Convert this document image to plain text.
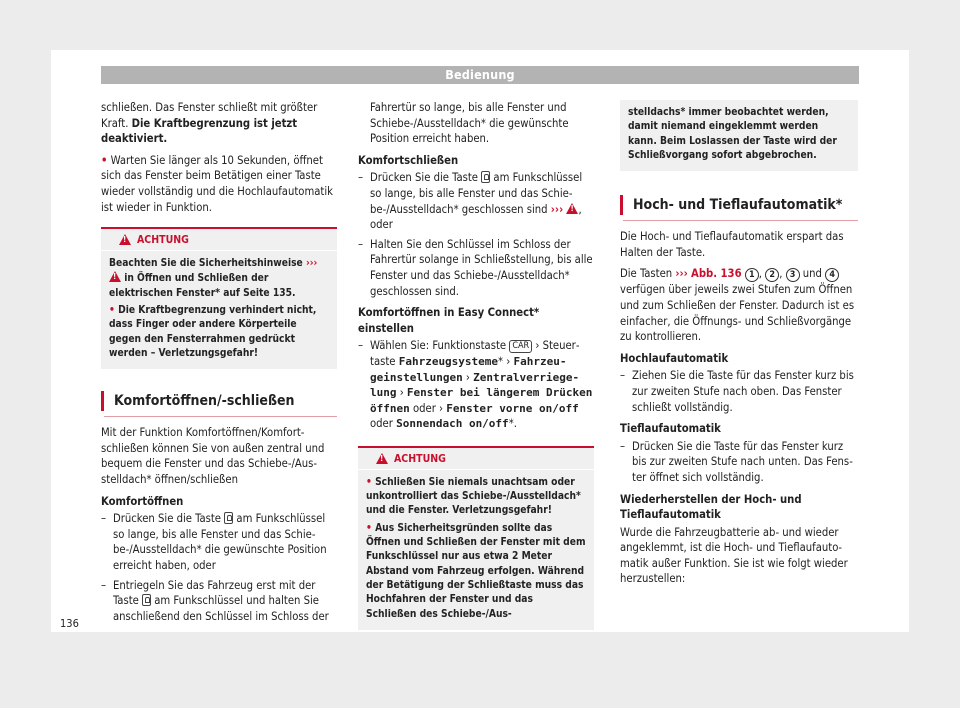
Bedienung

schließen. Das Fenster schließt mit größter Kraft. Die Kraftbegrenzung ist jetzt deaktiviert.

• Warten Sie länger als 10 Sekunden, öffnet sich das Fenster beim Betätigen einer Taste wieder vollständig und die Hochlaufautomatik ist wieder in Funktion.

!
ACHTUNG
Beachten Sie die Sicherheitshinweise ››› ! in Öffnen und Schließen der elektrischen Fenster* auf Seite 135.
• Die Kraftbegrenzung verhindert nicht, dass Finger oder andere Körperteile gegen den Fensterrahmen gedrückt werden – Verletzungsgefahr!
Komfortöffnen/-schließen

Mit der Funktion Komfortöffnen/Komfortschließen können Sie von außen zentral und bequem die Fenster und das Schiebe-/Ausstelldach* öffnen/schließen

Komfortöffnen
– Drücken Sie die Taste am Funkschlüssel so lange, bis alle Fenster und das Schiebe-/Ausstelldach* die gewünschte Position erreicht haben, oder
– Entriegeln Sie das Fahrzeug erst mit der Taste am Funkschlüssel und halten Sie anschließend den Schlüssel im Schloss der
Fahrertür so lange, bis alle Fenster und Schiebe-/Ausstelldach* die gewünschte Position erreicht haben.
Komfortschließen
– Drücken Sie die Taste am Funkschlüssel so lange, bis alle Fenster und das Schiebe-/Ausstelldach* geschlossen sind ››› ! , oder
– Halten Sie den Schlüssel im Schloss der Fahrertür solange in Schließstellung, bis alle Fenster und das Schiebe-/Ausstelldach* geschlossen sind.
Komfortöffnen in Easy Connect* einstellen
– Wählen Sie: Funktionstaste CAR › Steuertaste Fahrzeugsysteme* › Fahrzeugeinstellungen › Zentralverriegelung › Fenster bei längerem Drücken öffnen oder › Fenster vorne on/off oder Sonnendach on/off*.
!
ACHTUNG
• Schließen Sie niemals unachtsam oder unkontrolliert das Schiebe-/Ausstelldach* und die Fenster. Verletzungsgefahr!
• Aus Sicherheitsgründen sollte das Öffnen und Schließen der Fenster mit dem Funkschlüssel nur aus etwa 2 Meter Abstand vom Fahrzeug erfolgen. Während der Betätigung der Schließtaste muss das Hochfahren der Fenster und das Schließen des Schiebe-/Aus-
stelldachs* immer beobachtet werden, damit niemand eingeklemmt werden kann. Beim Loslassen der Taste wird der Schließvorgang sofort abgebrochen.
Hoch- und Tieflaufautomatik*

Die Hoch- und Tieflaufautomatik erspart das Halten der Taste.

Die Tasten ››› Abb. 136 1 , 2 , 3 und 4 verfügen über jeweils zwei Stufen zum Öffnen und zum Schließen der Fenster. Dadurch ist es einfacher, die Öffnungs- und Schließvorgänge zu kontrollieren.

Hochlaufautomatik
– Ziehen Sie die Taste für das Fenster kurz bis zur zweiten Stufe nach oben. Das Fenster schließt vollständig.
Tieflaufautomatik
– Drücken Sie die Taste für das Fenster kurz bis zur zweiten Stufe nach unten. Das Fenster öffnet sich vollständig.
Wiederherstellen der Hoch- und Tieflaufautomatik

Wurde die Fahrzeugbatterie ab- und wieder angeklemmt, ist die Hoch- und Tieflaufautomatik außer Funktion. Sie ist wie folgt wieder herzustellen:

136
